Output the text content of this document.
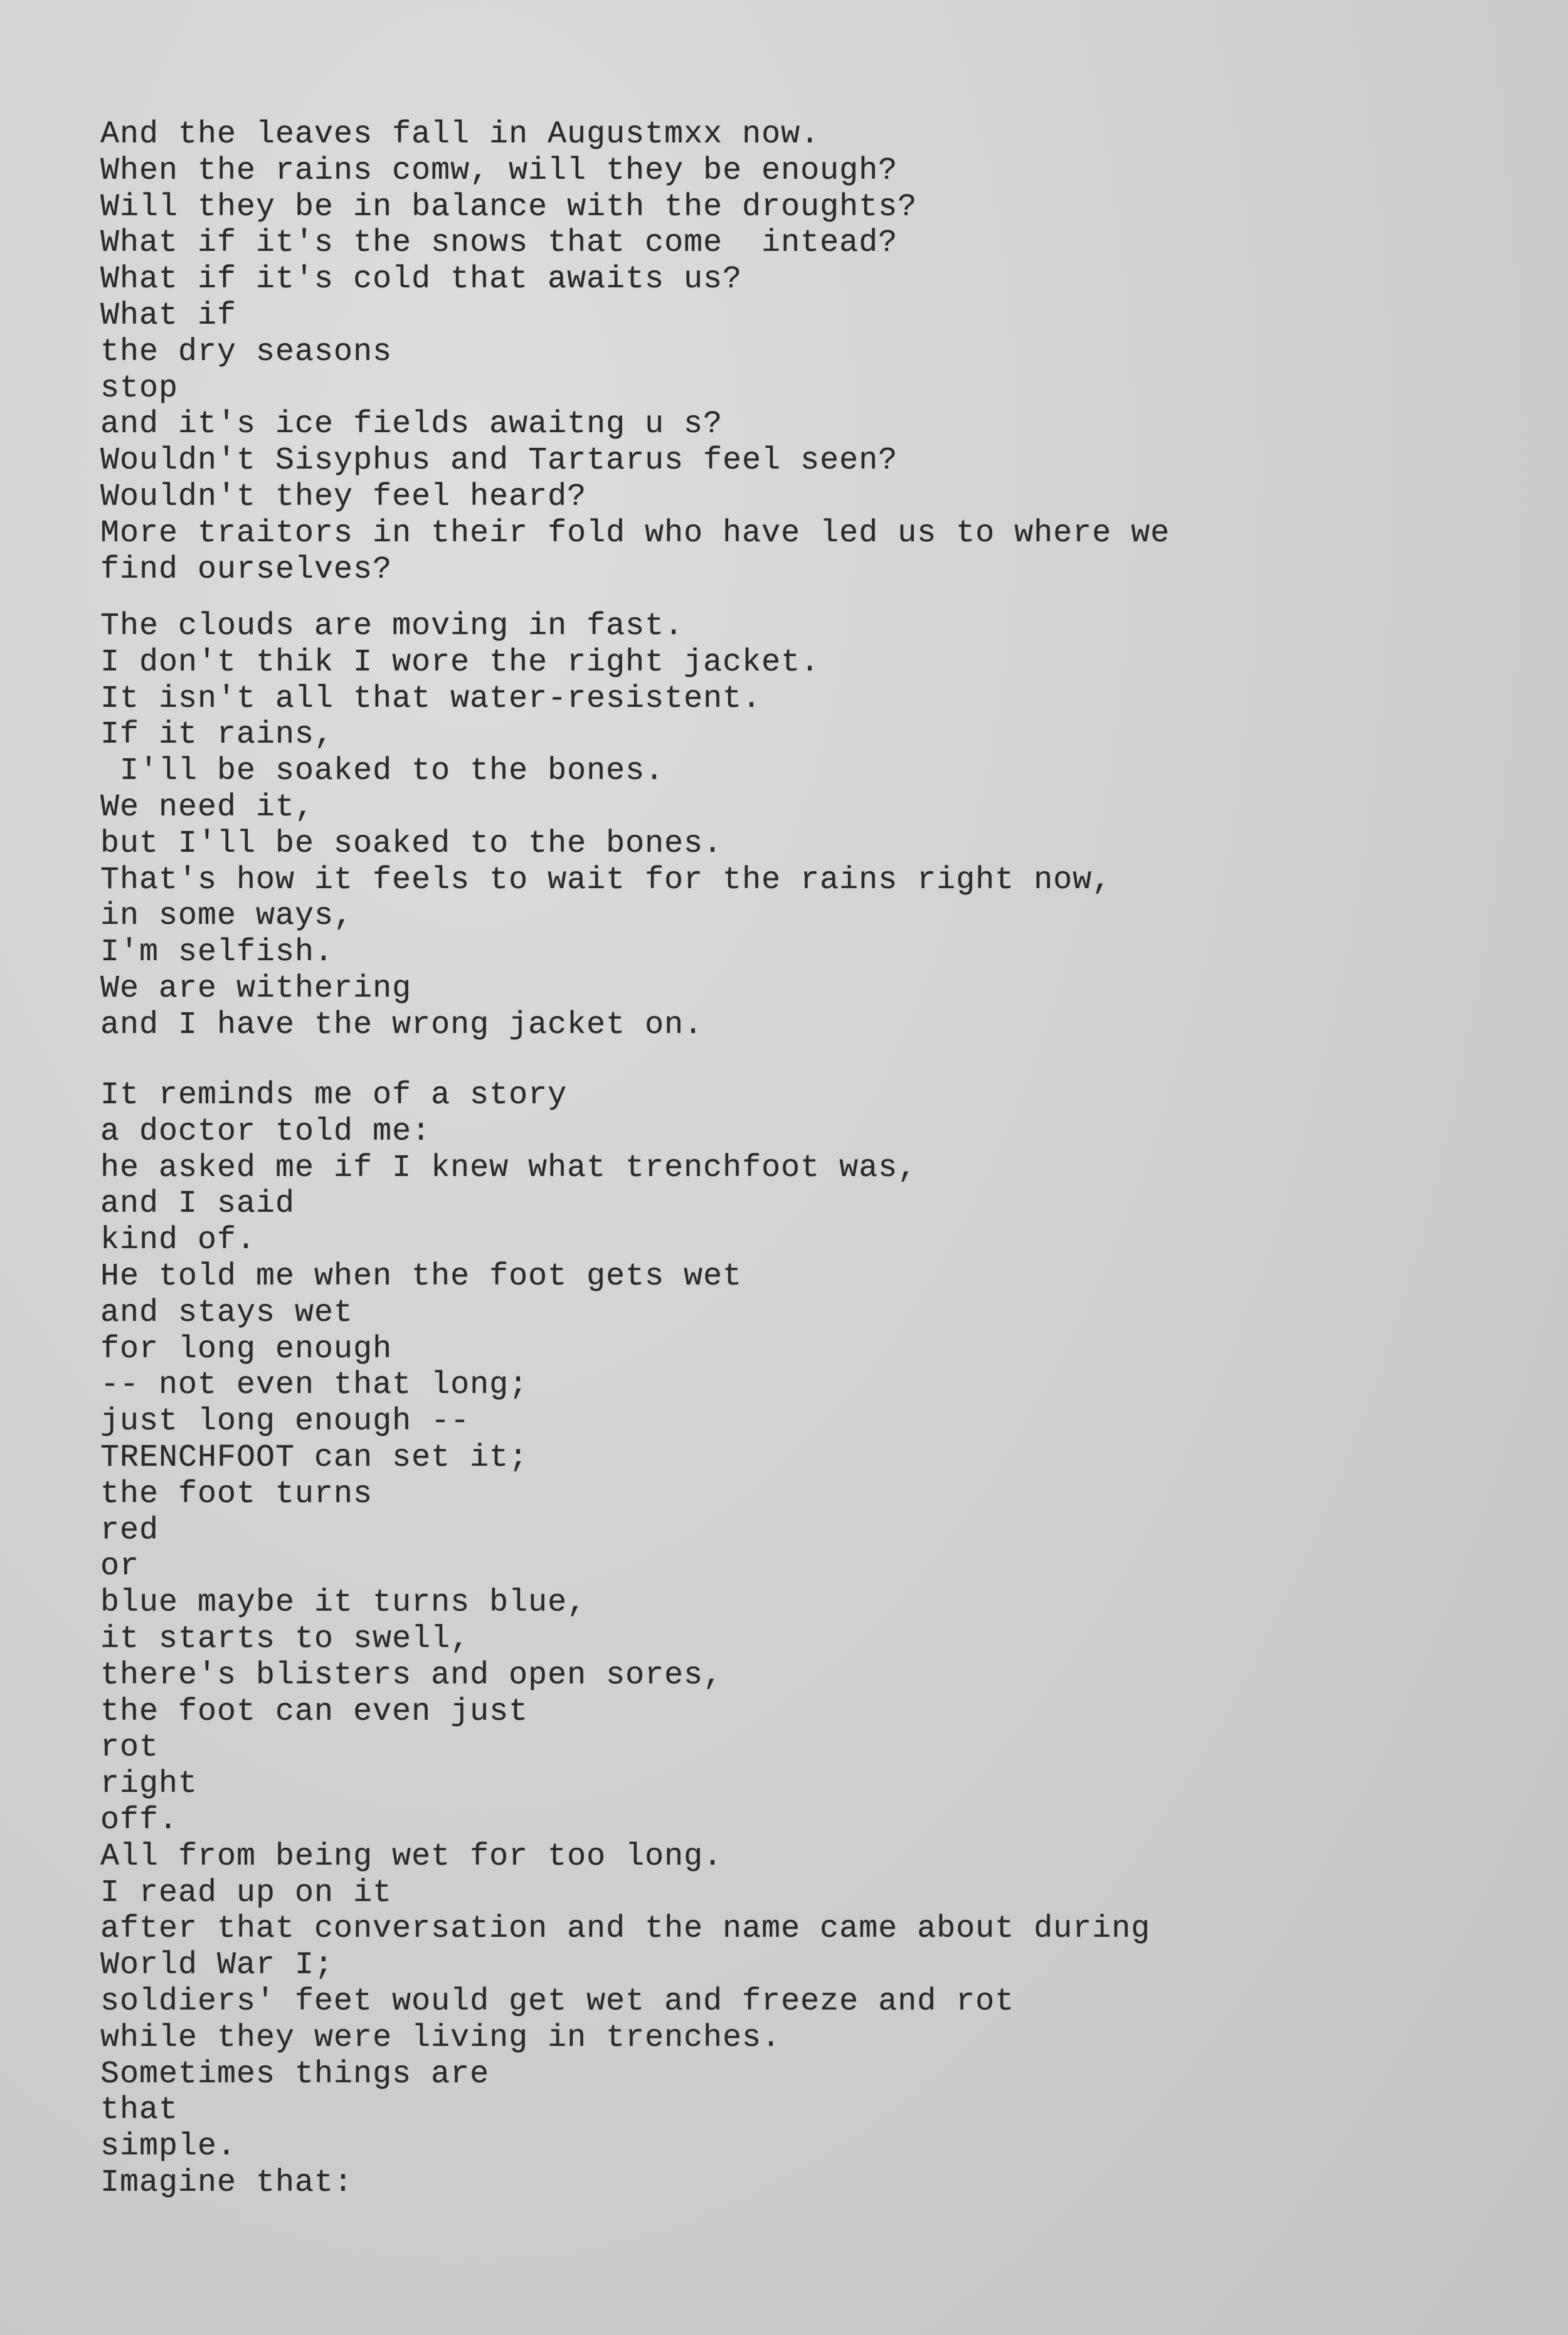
And the leaves fall in Augustmxx now.
When the rains comw, will they be enough?
Will they be in balance with the droughts?
What if it's the snows that come  intead?
What if it's cold that awaits us?
What if
the dry seasons
stop
and it's ice fields awaitng u s?
Wouldn't Sisyphus and Tartarus feel seen?
Wouldn't they feel heard?
More traitors in their fold who have led us to where we
find ourselves?
The clouds are moving in fast.
I don't thik I wore the right jacket.
It isn't all that water-resistent.
If it rains,
I'll be soaked to the bones.
We need it,
but I'll be soaked to the bones.
That's how it feels to wait for the rains right now,
in some ways,
I'm selfish.
We are withering
and I have the wrong jacket on.
It reminds me of a story
a doctor told me:
he asked me if I knew what trenchfoot was,
and I said
kind of.
He told me when the foot gets wet
and stays wet
for long enough
-- not even that long;
just long enough --
TRENCHFOOT can set it;
the foot turns
red
or
blue maybe it turns blue,
it starts to swell,
there's blisters and open sores,
the foot can even just
rot
right
off.
All from being wet for too long.
I read up on it
after that conversation and the name came about during
World War I;
soldiers' feet would get wet and freeze and rot
while they were living in trenches.
Sometimes things are
that
simple.
Imagine that:
